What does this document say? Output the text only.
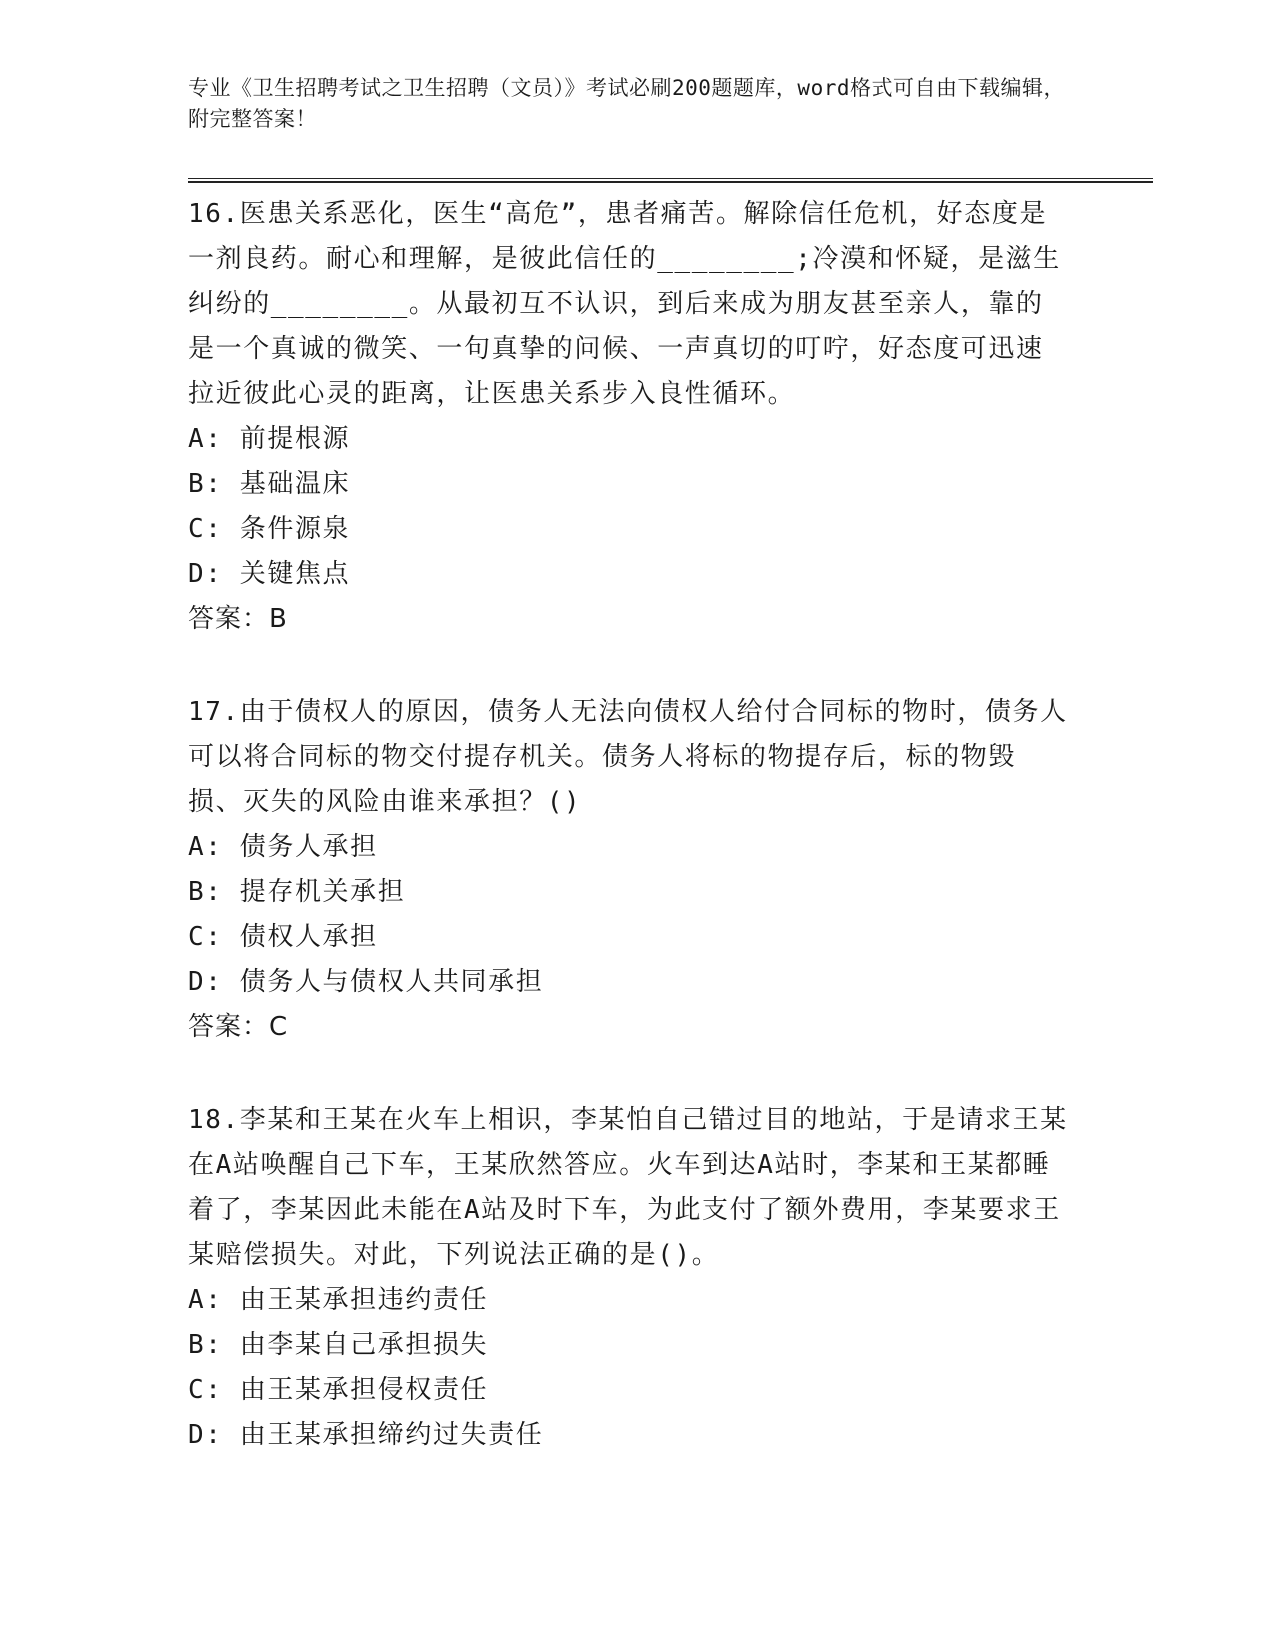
专业《卫生招聘考试之卫生招聘（文员）》考试必刷200题题库，word格式可自由下载编辑，附完整答案！

16.医患关系恶化，医生“高危”，患者痛苦。解除信任危机，好态度是一剂良药。耐心和理解，是彼此信任的________;冷漠和怀疑，是滋生纠纷的________。从最初互不认识，到后来成为朋友甚至亲人，靠的是一个真诚的微笑、一句真挚的问候、一声真切的叮咛，好态度可迅速拉近彼此心灵的距离，让医患关系步入良性循环。

A: 前提根源

B: 基础温床

C: 条件源泉

D: 关键焦点

答案：B

17.由于债权人的原因，债务人无法向债权人给付合同标的物时，债务人可以将合同标的物交付提存机关。债务人将标的物提存后，标的物毁损、灭失的风险由谁来承担？()

A: 债务人承担

B: 提存机关承担

C: 债权人承担

D: 债务人与债权人共同承担

答案：C

18.李某和王某在火车上相识，李某怕自己错过目的地站，于是请求王某在A站唤醒自己下车，王某欣然答应。火车到达A站时，李某和王某都睡着了，李某因此未能在A站及时下车，为此支付了额外费用，李某要求王某赔偿损失。对此，下列说法正确的是()。

A: 由王某承担违约责任

B: 由李某自己承担损失

C: 由王某承担侵权责任

D: 由王某承担缔约过失责任
